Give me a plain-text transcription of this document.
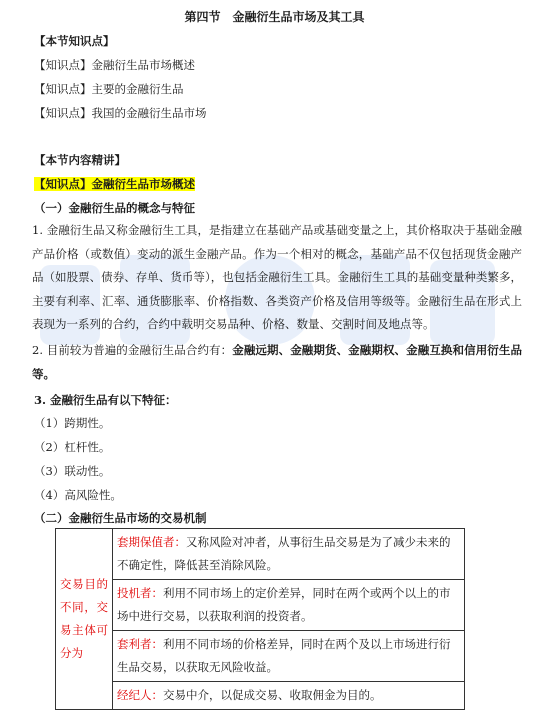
第四节　金融衍生品市场及其工具
【本节知识点】
【知识点】金融衍生品市场概述
【知识点】主要的金融衍生品
【知识点】我国的金融衍生品市场
【本节内容精讲】
【知识点】金融衍生品市场概述
（一）金融衍生品的概念与特征
1. 金融衍生品又称金融衍生工具，是指建立在基础产品或基础变量之上，其价格取决于基础金融产品价格（或数值）变动的派生金融产品。作为一个相对的概念，基础产品不仅包括现货金融产品（如股票、债券、存单、货币等），也包括金融衍生工具。金融衍生工具的基础变量种类繁多，主要有利率、汇率、通货膨胀率、价格指数、各类资产价格及信用等级等。金融衍生品在形式上表现为一系列的合约，合约中载明交易品种、价格、数量、交割时间及地点等。
2. 目前较为普遍的金融衍生品合约有：金融远期、金融期货、金融期权、金融互换和信用衍生品等。
3. 金融衍生品有以下特征：
（1）跨期性。
（2）杠杆性。
（3）联动性。
（4）高风险性。
（二）金融衍生品市场的交易机制
交易目的不同，交易主体可分为	套期保值者：又称风险对冲者，从事衍生品交易是为了减少未来的不确定性，降低甚至消除风险。
投机者：利用不同市场上的定价差异，同时在两个或两个以上的市场中进行交易，以获取利润的投资者。
套利者：利用不同市场的价格差异，同时在两个及以上市场进行衍生品交易，以获取无风险收益。
经纪人：交易中介，以促成交易、收取佣金为目的。
